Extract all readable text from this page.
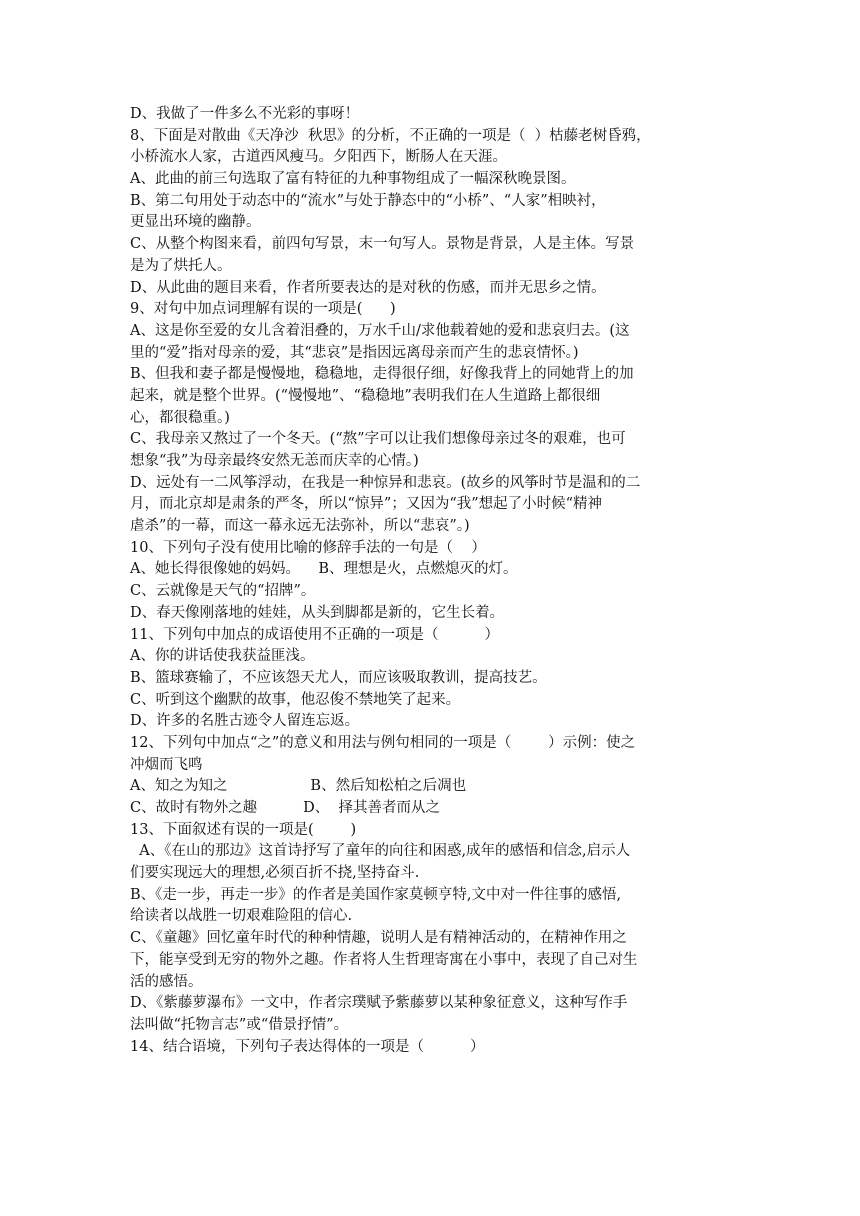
D、我做了一件多么不光彩的事呀！
8、下面是对散曲《天净沙  秋思》的分析，不正确的一项是（  ）枯藤老树昏鸦，
小桥流水人家，古道西风瘦马。夕阳西下，断肠人在天涯。
A、此曲的前三句选取了富有特征的九种事物组成了一幅深秋晚景图。
B、第二句用处于动态中的“流水”与处于静态中的“小桥”、“人家”相映衬，
更显出环境的幽静。
C、从整个构图来看，前四句写景，末一句写人。景物是背景，人是主体。写景
是为了烘托人。
D、从此曲的题目来看，作者所要表达的是对秋的伤感，而并无思乡之情。
9、对句中加点词理解有误的一项是(      )
A、这是你至爱的女儿含着泪叠的，万水千山/求他载着她的爱和悲哀归去。(这
里的“爱”指对母亲的爱，其“悲哀”是指因远离母亲而产生的悲哀情怀。)
B、但我和妻子都是慢慢地，稳稳地，走得很仔细，好像我背上的同她背上的加
起来，就是整个世界。(“慢慢地”、“稳稳地”表明我们在人生道路上都很细
心，都很稳重。)
C、我母亲又熬过了一个冬天。(“熬”字可以让我们想像母亲过冬的艰难，也可
想象“我”为母亲最终安然无恙而庆幸的心情。)
D、远处有一二风筝浮动，在我是一种惊异和悲哀。(故乡的风筝时节是温和的二
月，而北京却是肃条的严冬，所以“惊异”；又因为“我”想起了小时候“精神
虐杀”的一幕，而这一幕永远无法弥补，所以“悲哀”。)
10、下列句子没有使用比喻的修辞手法的一句是（    ）
A、她长得很像她的妈妈。    B、理想是火，点燃熄灭的灯。
C、云就像是天气的“招牌”。
D、春天像刚落地的娃娃，从头到脚都是新的，它生长着。
11、下列句中加点的成语使用不正确的一项是（          ）
A、你的讲话使我获益匪浅。
B、篮球赛输了，不应该怨天尤人，而应该吸取教训，提高技艺。
C、听到这个幽默的故事，他忍俊不禁地笑了起来。
D、许多的名胜古迹令人留连忘返。
12、下列句中加点“之”的意义和用法与例句相同的一项是（        ）示例：使之
冲烟而飞鸣
A、知之为知之                  B、然后知松柏之后凋也
C、故时有物外之趣          D、  择其善者而从之
13、下面叙述有误的一项是(        )
A、《在山的那边》这首诗抒写了童年的向往和困惑,成年的感悟和信念,启示人
们要实现远大的理想,必须百折不挠,坚持奋斗.
B、《走一步，再走一步》的作者是美国作家莫顿亨特,文中对一件往事的感悟,
给读者以战胜一切艰难险阻的信心.
C、《童趣》回忆童年时代的种种情趣，说明人是有精神活动的，在精神作用之
下，能享受到无穷的物外之趣。作者将人生哲理寄寓在小事中，表现了自己对生
活的感悟。
D、《紫藤萝瀑布》一文中，作者宗璞赋予紫藤萝以某种象征意义，这种写作手
法叫做“托物言志”或“借景抒情”。
14、结合语境，下列句子表达得体的一项是（          ）
